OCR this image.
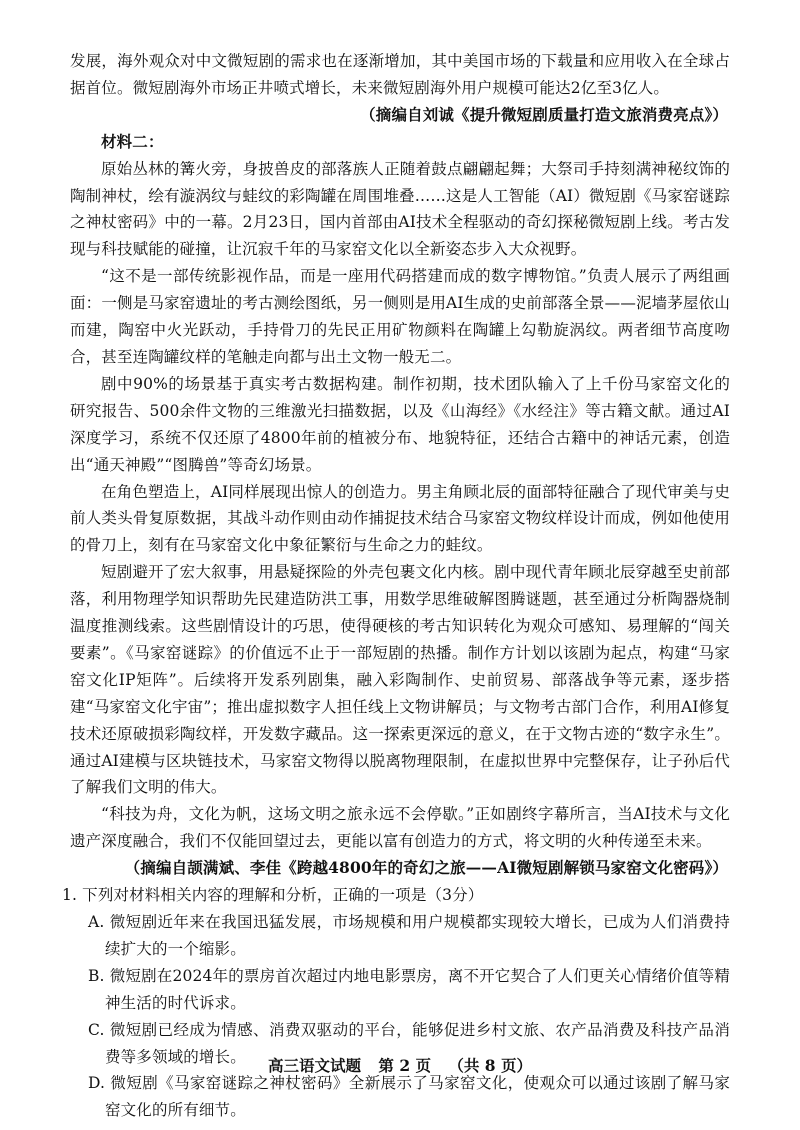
发展，海外观众对中文微短剧的需求也在逐渐增加，其中美国市场的下载量和应用收入在全球占据首位。微短剧海外市场正井喷式增长，未来微短剧海外用户规模可能达2亿至3亿人。

（摘编自刘诚《提升微短剧质量打造文旅消费亮点》）

材料二：

原始丛林的篝火旁，身披兽皮的部落族人正随着鼓点翩翩起舞；大祭司手持刻满神秘纹饰的陶制神杖，绘有漩涡纹与蛙纹的彩陶罐在周围堆叠……这是人工智能（AI）微短剧《马家窑谜踪之神杖密码》中的一幕。2月23日，国内首部由AI技术全程驱动的奇幻探秘微短剧上线。考古发现与科技赋能的碰撞，让沉寂千年的马家窑文化以全新姿态步入大众视野。

“这不是一部传统影视作品，而是一座用代码搭建而成的数字博物馆。”负责人展示了两组画面：一侧是马家窑遗址的考古测绘图纸，另一侧则是用AI生成的史前部落全景——泥墙茅屋依山而建，陶窑中火光跃动，手持骨刀的先民正用矿物颜料在陶罐上勾勒旋涡纹。两者细节高度吻合，甚至连陶罐纹样的笔触走向都与出土文物一般无二。

剧中90%的场景基于真实考古数据构建。制作初期，技术团队输入了上千份马家窑文化的研究报告、500余件文物的三维激光扫描数据，以及《山海经》《水经注》等古籍文献。通过AI深度学习，系统不仅还原了4800年前的植被分布、地貌特征，还结合古籍中的神话元素，创造出“通天神殿”“图腾兽”等奇幻场景。

在角色塑造上，AI同样展现出惊人的创造力。男主角顾北辰的面部特征融合了现代审美与史前人类头骨复原数据，其战斗动作则由动作捕捉技术结合马家窑文物纹样设计而成，例如他使用的骨刀上，刻有在马家窑文化中象征繁衍与生命之力的蛙纹。

短剧避开了宏大叙事，用悬疑探险的外壳包裹文化内核。剧中现代青年顾北辰穿越至史前部落，利用物理学知识帮助先民建造防洪工事，用数学思维破解图腾谜题，甚至通过分析陶器烧制温度推测线索。这些剧情设计的巧思，使得硬核的考古知识转化为观众可感知、易理解的“闯关要素”。《马家窑谜踪》的价值远不止于一部短剧的热播。制作方计划以该剧为起点，构建“马家窑文化IP矩阵”。后续将开发系列剧集，融入彩陶制作、史前贸易、部落战争等元素，逐步搭建“马家窑文化宇宙”；推出虚拟数字人担任线上文物讲解员；与文物考古部门合作，利用AI修复技术还原破损彩陶纹样，开发数字藏品。这一探索更深远的意义，在于文物古迹的“数字永生”。通过AI建模与区块链技术，马家窑文物得以脱离物理限制，在虚拟世界中完整保存，让子孙后代了解我们文明的伟大。

“科技为舟，文化为帆，这场文明之旅永远不会停歇。”正如剧终字幕所言，当AI技术与文化遗产深度融合，我们不仅能回望过去，更能以富有创造力的方式，将文明的火种传递至未来。

（摘编自颉满斌、李佳《跨越4800年的奇幻之旅——AI微短剧解锁马家窑文化密码》）

1. 下列对材料相关内容的理解和分析，正确的一项是（3分）

A. 微短剧近年来在我国迅猛发展，市场规模和用户规模都实现较大增长，已成为人们消费持续扩大的一个缩影。

B. 微短剧在2024年的票房首次超过内地电影票房，离不开它契合了人们更关心情绪价值等精神生活的时代诉求。

C. 微短剧已经成为情感、消费双驱动的平台，能够促进乡村文旅、农产品消费及科技产品消费等多领域的增长。

D. 微短剧《马家窑谜踪之神杖密码》全新展示了马家窑文化，使观众可以通过该剧了解马家窑文化的所有细节。

高三语文试题 第 2 页 （共 8 页）
